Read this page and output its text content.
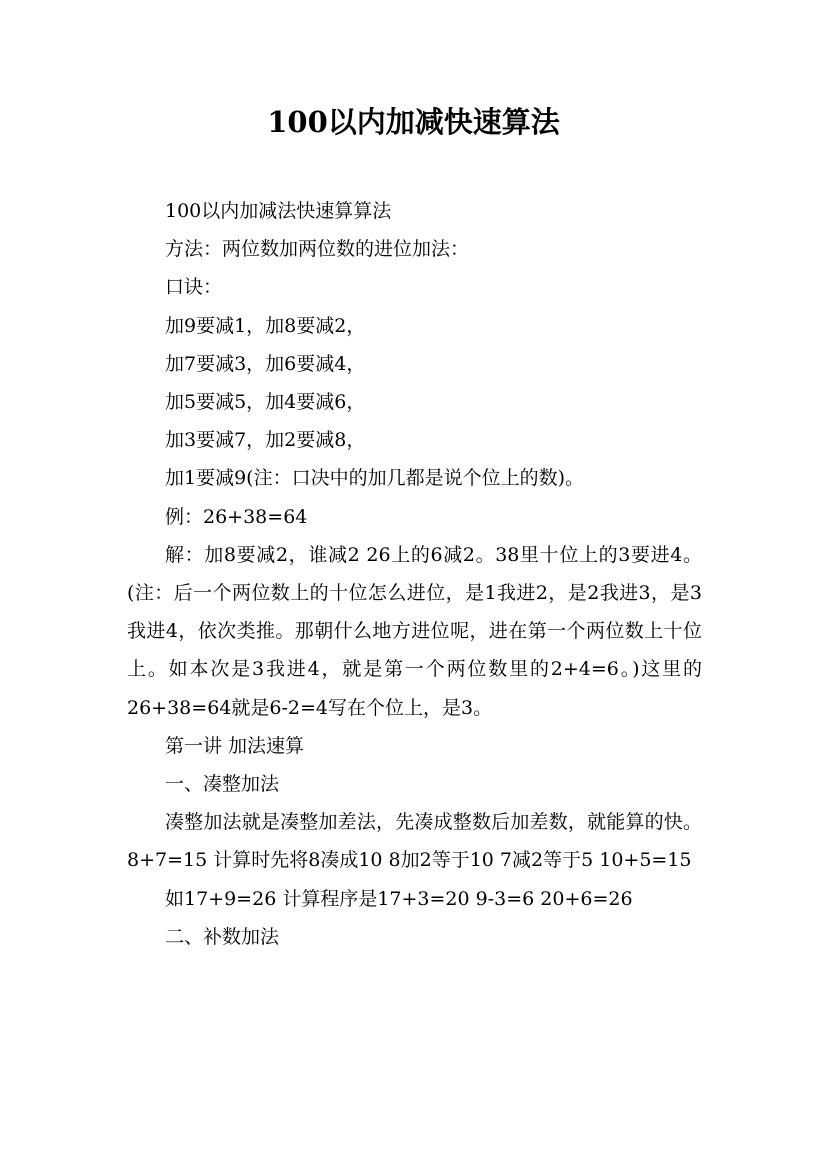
100以内加减快速算法

100以内加减法快速算算法

方法：两位数加两位数的进位加法：

口诀：

加9要减1，加8要减2，

加7要减3，加6要减4，

加5要减5，加4要减6，

加3要减7，加2要减8，

加1要减9(注：口决中的加几都是说个位上的数)。

例：26+38=64

解：加8要减2，谁减2 26上的6减2。38里十位上的3要进4。(注：后一个两位数上的十位怎么进位，是1我进2，是2我进3，是3我进4，依次类推。那朝什么地方进位呢，进在第一个两位数上十位上。如本次是3我进4，就是第一个两位数里的2+4=6。)这里的26+38=64就是6-2=4写在个位上，是3。

第一讲 加法速算

一、凑整加法

凑整加法就是凑整加差法，先凑成整数后加差数，就能算的快。8+7=15 计算时先将8凑成10 8加2等于10 7减2等于5 10+5=15

如17+9=26 计算程序是17+3=20 9-3=6 20+6=26

二、补数加法
